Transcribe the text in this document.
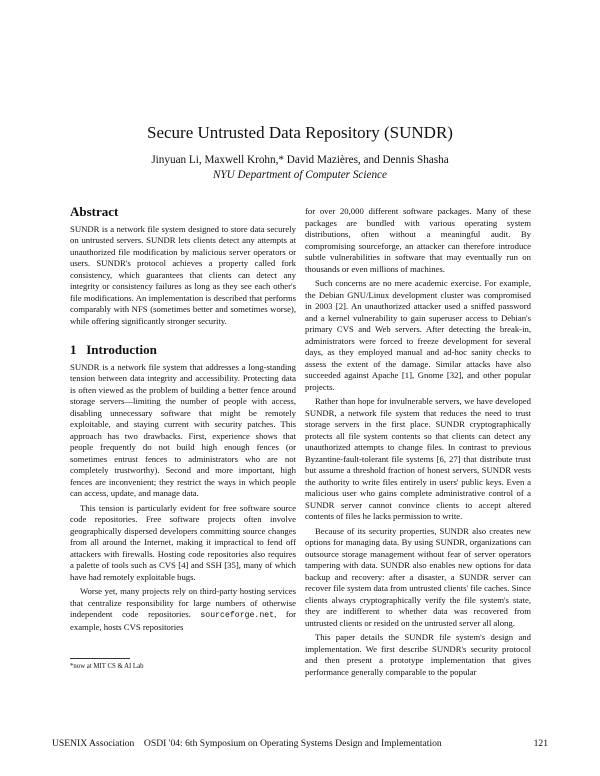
Secure Untrusted Data Repository (SUNDR)
Jinyuan Li, Maxwell Krohn,* David Mazières, and Dennis Shasha
NYU Department of Computer Science
Abstract

SUNDR is a network file system designed to store data securely on untrusted servers. SUNDR lets clients detect any attempts at unauthorized file modification by malicious server operators or users. SUNDR's protocol achieves a property called fork consistency, which guarantees that clients can detect any integrity or consistency failures as long as they see each other's file modifications. An implementation is described that performs comparably with NFS (sometimes better and sometimes worse), while offering significantly stronger security.

1   Introduction

SUNDR is a network file system that addresses a long-standing tension between data integrity and accessibility. Protecting data is often viewed as the problem of building a better fence around storage servers—limiting the number of people with access, disabling unnecessary software that might be remotely exploitable, and staying current with security patches. This approach has two drawbacks. First, experience shows that people frequently do not build high enough fences (or sometimes entrust fences to administrators who are not completely trustworthy). Second and more important, high fences are inconvenient; they restrict the ways in which people can access, update, and manage data.

This tension is particularly evident for free software source code repositories. Free software projects often involve geographically dispersed developers committing source changes from all around the Internet, making it impractical to fend off attackers with firewalls. Hosting code repositories also requires a palette of tools such as CVS [4] and SSH [35], many of which have had remotely exploitable bugs.

Worse yet, many projects rely on third-party hosting services that centralize responsibility for large numbers of otherwise independent code repositories. sourceforge.net, for example, hosts CVS repositories

for over 20,000 different software packages. Many of these packages are bundled with various operating system distributions, often without a meaningful audit. By compromising sourceforge, an attacker can therefore introduce subtle vulnerabilities in software that may eventually run on thousands or even millions of machines.

Such concerns are no mere academic exercise. For example, the Debian GNU/Linux development cluster was compromised in 2003 [2]. An unauthorized attacker used a sniffed password and a kernel vulnerability to gain superuser access to Debian's primary CVS and Web servers. After detecting the break-in, administrators were forced to freeze development for several days, as they employed manual and ad-hoc sanity checks to assess the extent of the damage. Similar attacks have also succeeded against Apache [1], Gnome [32], and other popular projects.

Rather than hope for invulnerable servers, we have developed SUNDR, a network file system that reduces the need to trust storage servers in the first place. SUNDR cryptographically protects all file system contents so that clients can detect any unauthorized attempts to change files. In contrast to previous Byzantine-fault-tolerant file systems [6, 27] that distribute trust but assume a threshold fraction of honest servers, SUNDR vests the authority to write files entirely in users' public keys. Even a malicious user who gains complete administrative control of a SUNDR server cannot convince clients to accept altered contents of files he lacks permission to write.

Because of its security properties, SUNDR also creates new options for managing data. By using SUNDR, organizations can outsource storage management without fear of server operators tampering with data. SUNDR also enables new options for data backup and recovery: after a disaster, a SUNDR server can recover file system data from untrusted clients' file caches. Since clients always cryptographically verify the file system's state, they are indifferent to whether data was recovered from untrusted clients or resided on the untrusted server all along.

This paper details the SUNDR file system's design and implementation. We first describe SUNDR's security protocol and then present a prototype implementation that gives performance generally comparable to the popular

*now at MIT CS & AI Lab
USENIX Association    OSDI '04: 6th Symposium on Operating Systems Design and Implementation	121
